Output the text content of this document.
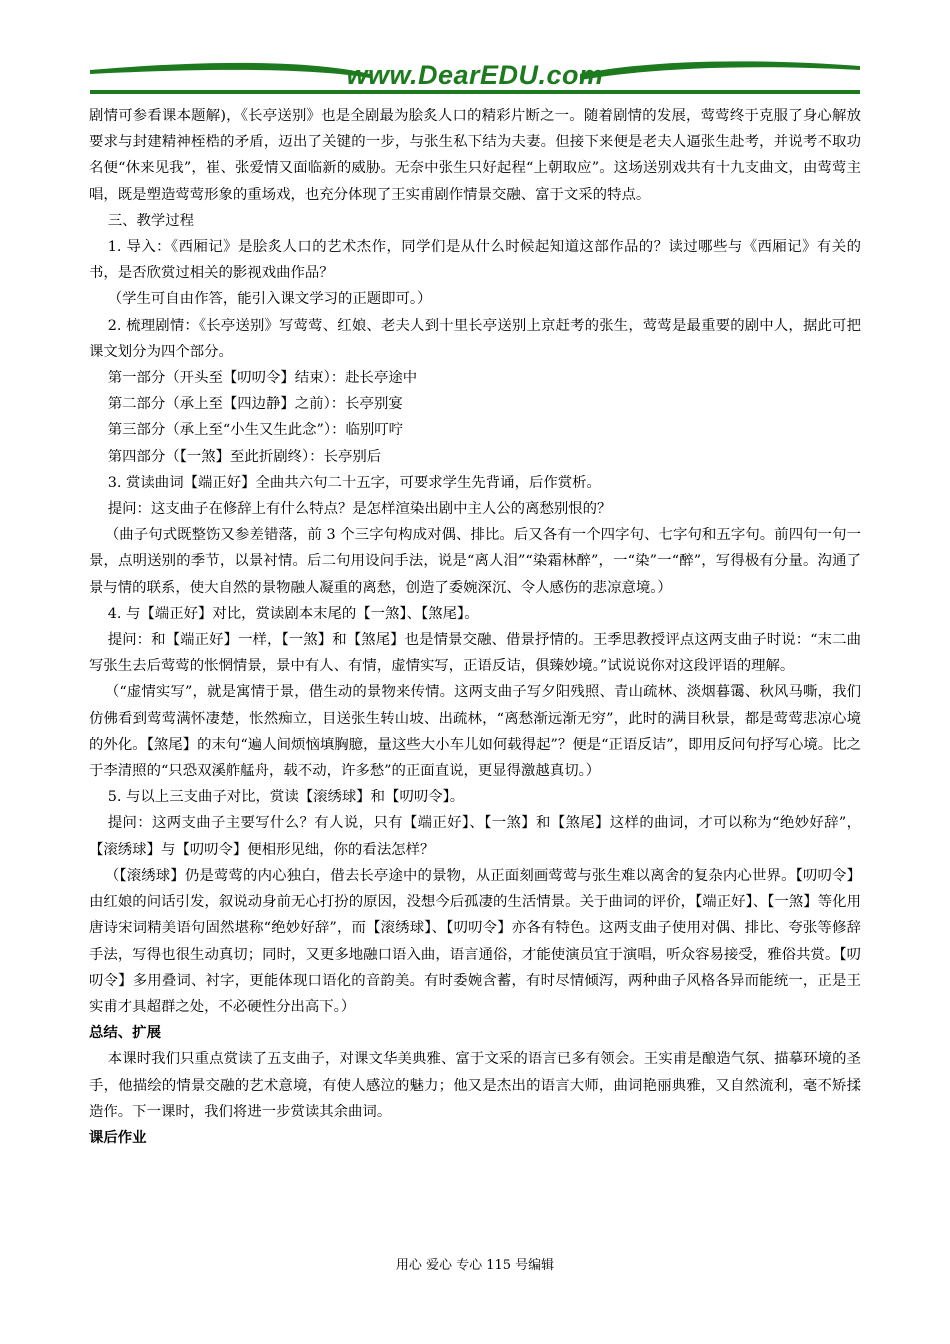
www.DearEDU.com

剧情可参看课本题解)，《长亭送别》也是全剧最为脍炙人口的精彩片断之一。随着剧情的发展，莺莺终于克服了身心解放要求与封建精神桎梏的矛盾，迈出了关键的一步，与张生私下结为夫妻。但接下来便是老夫人逼张生赴考，并说考不取功名便“休来见我”，崔、张爱情又面临新的威胁。无奈中张生只好起程“上朝取应”。这场送别戏共有十九支曲文，由莺莺主唱，既是塑造莺莺形象的重场戏，也充分体现了王实甫剧作情景交融、富于文采的特点。

三、教学过程

1. 导入：《西厢记》是脍炙人口的艺术杰作，同学们是从什么时候起知道这部作品的？读过哪些与《西厢记》有关的书，是否欣赏过相关的影视戏曲作品？

（学生可自由作答，能引入课文学习的正题即可。）

2. 梳理剧情：《长亭送别》写莺莺、红娘、老夫人到十里长亭送别上京赶考的张生，莺莺是最重要的剧中人，据此可把课文划分为四个部分。

第一部分（开头至【叨叨令】结束）：赴长亭途中

第二部分（承上至【四边静】之前）：长亭别宴

第三部分（承上至“小生又生此念”）：临别叮咛

第四部分（【一煞】至此折剧终）：长亭别后

3. 赏读曲词【端正好】全曲共六句二十五字，可要求学生先背诵，后作赏析。

提问：这支曲子在修辞上有什么特点？是怎样渲染出剧中主人公的离愁别恨的？

（曲子句式既整饬又参差错落，前 3 个三字句构成对偶、排比。后又各有一个四字句、七字句和五字句。前四句一句一景，点明送别的季节，以景衬情。后二句用设问手法，说是“离人泪”“染霜林醉”，一“染”一“醉”，写得极有分量。沟通了景与情的联系，使大自然的景物融人凝重的离愁，创造了委婉深沉、令人感伤的悲凉意境。）

4. 与【端正好】对比，赏读剧本末尾的【一煞】、【煞尾】。

提问：和【端正好】一样，【一煞】和【煞尾】也是情景交融、借景抒情的。王季思教授评点这两支曲子时说：“末二曲写张生去后莺莺的怅惘情景，景中有人、有情，虚情实写，正语反诘，俱臻妙境。”试说说你对这段评语的理解。

（“虚情实写”，就是寓情于景，借生动的景物来传情。这两支曲子写夕阳残照、青山疏林、淡烟暮霭、秋风马嘶，我们仿佛看到莺莺满怀凄楚，怅然痴立，目送张生转山坡、出疏林，“离愁渐远渐无穷”，此时的满目秋景，都是莺莺悲凉心境的外化。【煞尾】的末句“遍人间烦恼填胸臆，量这些大小车儿如何载得起”？便是“正语反诘”，即用反问句抒写心境。比之于李清照的“只恐双溪舴艋舟，载不动，许多愁”的正面直说，更显得激越真切。）

5. 与以上三支曲子对比，赏读【滚绣球】和【叨叨令】。

提问：这两支曲子主要写什么？有人说，只有【端正好】、【一煞】和【煞尾】这样的曲词，才可以称为“绝妙好辞”，【滚绣球】与【叨叨令】便相形见绌，你的看法怎样？

（【滚绣球】仍是莺莺的内心独白，借去长亭途中的景物，从正面刻画莺莺与张生难以离舍的复杂内心世界。【叨叨令】由红娘的问话引发，叙说动身前无心打扮的原因，没想今后孤凄的生活情景。关于曲词的评价，【端正好】、【一煞】等化用唐诗宋词精美语句固然堪称“绝妙好辞”，而【滚绣球】、【叨叨令】亦各有特色。这两支曲子使用对偶、排比、夸张等修辞手法，写得也很生动真切；同时，又更多地融口语入曲，语言通俗，才能使演员宜于演唱，听众容易接受，雅俗共赏。【叨叨令】多用叠词、衬字，更能体现口语化的音韵美。有时委婉含蓄，有时尽情倾泻，两种曲子风格各异而能统一，正是王实甫才具超群之处，不必硬性分出高下。）

总结、扩展

本课时我们只重点赏读了五支曲子，对课文华美典雅、富于文采的语言已多有领会。王实甫是酿造气氛、描摹环境的圣手，他描绘的情景交融的艺术意境，有使人感泣的魅力；他又是杰出的语言大师，曲词艳丽典雅，又自然流利，毫不矫揉造作。下一课时，我们将进一步赏读其余曲词。

课后作业

用心 爱心 专心 115 号编辑
